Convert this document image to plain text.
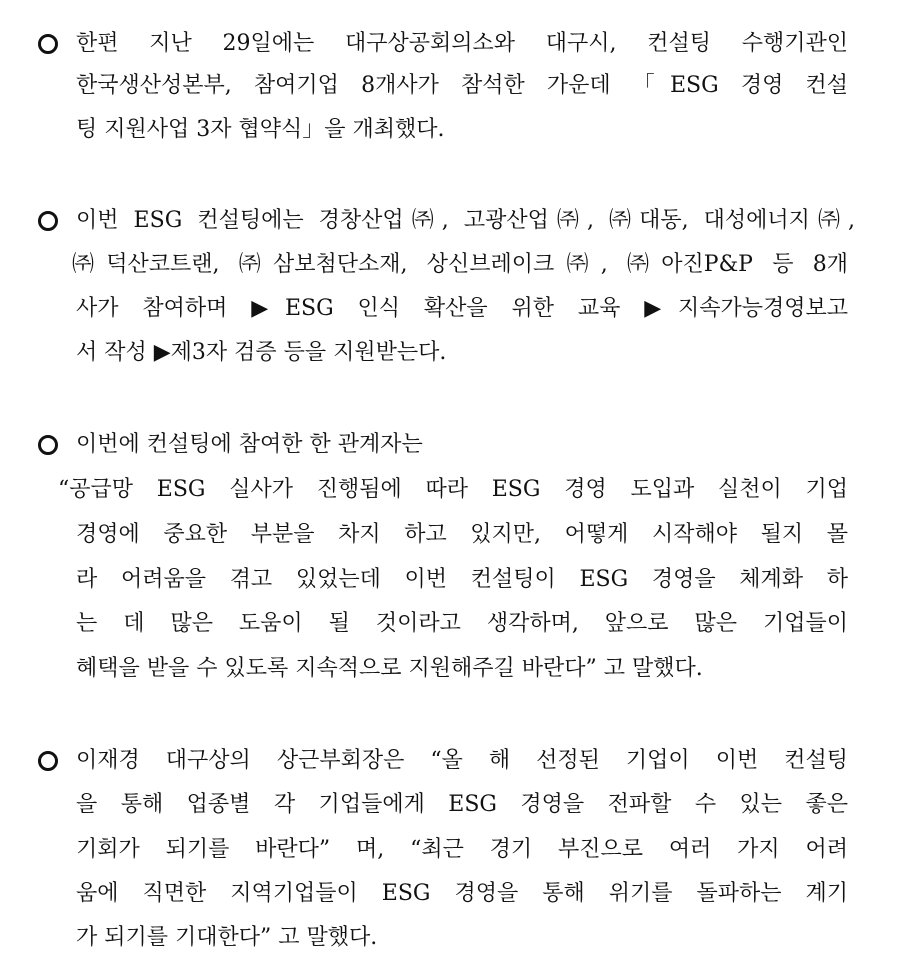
한편 지난 29일에는 대구상공회의소와 대구시, 컨설팅 수행기관인
한국생산성본부, 참여기업 8개사가 참석한 가운데 「ESG 경영 컨설
팅 지원사업 3자 협약식」을 개최했다.
이번 ESG 컨설팅에는 경창산업㈜, 고광산업㈜, ㈜대동, 대성에너지㈜,
㈜덕산코트랜, ㈜삼보첨단소재, 상신브레이크㈜, ㈜아진P&P 등 8개
사가 참여하며 ▶ESG 인식 확산을 위한 교육 ▶지속가능경영보고
서 작성 ▶제3자 검증 등을 지원받는다.
이번에 컨설팅에 참여한 한 관계자는
“공급망 ESG 실사가 진행됨에 따라 ESG 경영 도입과 실천이 기업
경영에 중요한 부분을 차지 하고 있지만, 어떻게 시작해야 될지 몰
라 어려움을 겪고 있었는데 이번 컨설팅이 ESG 경영을 체계화 하
는 데 많은 도움이 될 것이라고 생각하며, 앞으로 많은 기업들이
혜택을 받을 수 있도록 지속적으로 지원해주길 바란다” 고 말했다.
이재경 대구상의 상근부회장은 “올 해 선정된 기업이 이번 컨설팅
을 통해 업종별 각 기업들에게 ESG 경영을 전파할 수 있는 좋은
기회가 되기를 바란다” 며, “최근 경기 부진으로 여러 가지 어려
움에 직면한 지역기업들이 ESG 경영을 통해 위기를 돌파하는 계기
가 되기를 기대한다” 고 말했다.
